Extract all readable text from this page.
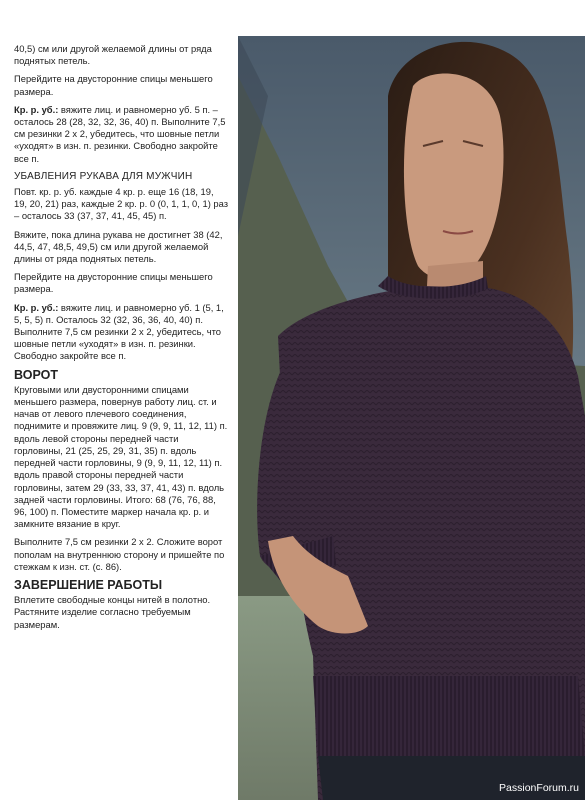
40,5) см или другой желаемой длины от ряда поднятых петель.

Перейдите на двусторонние спицы меньшего размера.

Кр. р. уб.: вяжите лиц. и равномерно уб. 5 п. – осталось 28 (28, 32, 32, 36, 40) п. Выполните 7,5 см резинки 2 х 2, убедитесь, что шовные петли «уходят» в изн. п. резинки. Свободно закройте все п.

УБАВЛЕНИЯ РУКАВА ДЛЯ МУЖЧИН

Повт. кр. р. уб. каждые 4 кр. р. еще 16 (18, 19, 19, 20, 21) раз, каждые 2 кр. р. 0 (0, 1, 1, 0, 1) раз – осталось 33 (37, 37, 41, 45, 45) п.

Вяжите, пока длина рукава не достигнет 38 (42, 44,5, 47, 48,5, 49,5) см или другой желаемой длины от ряда поднятых петель.

Перейдите на двусторонние спицы меньшего размера.

Кр. р. уб.: вяжите лиц. и равномерно уб. 1 (5, 1, 5, 5, 5) п. Осталось 32 (32, 36, 36, 40, 40) п. Выполните 7,5 см резинки 2 х 2, убедитесь, что шовные петли «уходят» в изн. п. резинки. Свободно закройте все п.

ВОРОТ

Круговыми или двусторонними спицами меньшего размера, повернув работу лиц. ст. и начав от левого плечевого соединения, поднимите и провяжите лиц. 9 (9, 9, 11, 12, 11) п. вдоль левой стороны передней части горловины, 21 (25, 25, 29, 31, 35) п. вдоль передней части горловины, 9 (9, 9, 11, 12, 11) п. вдоль правой стороны передней части горловины, затем 29 (33, 33, 37, 41, 43) п. вдоль задней части горловины. Итого: 68 (76, 76, 88, 96, 100) п. Поместите маркер начала кр. р. и замкните вязание в круг.

Выполните 7,5 см резинки 2 х 2. Сложите ворот пополам на внутреннюю сторону и пришейте по стежкам к изн. ст. (с. 86).

ЗАВЕРШЕНИЕ РАБОТЫ

Вплетите свободные концы нитей в полотно. Растяните изделие согласно требуемым размерам.

PassionForum.ru
